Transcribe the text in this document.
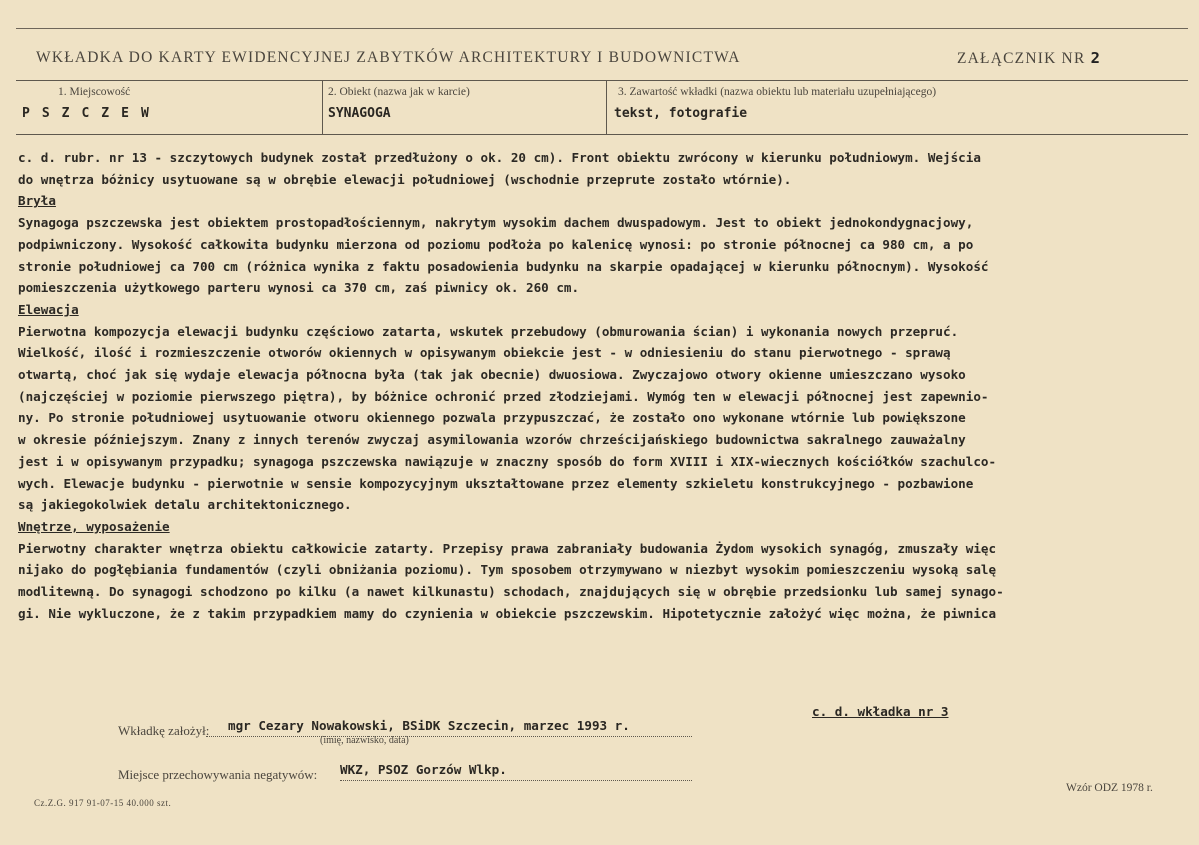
WKŁADKA DO KARTY EWIDENCYJNEJ ZABYTKÓW ARCHITEKTURY I BUDOWNICTWA	ZAŁĄCZNIK NR 2
1. Miejscowość
PSZCZEW
2. Obiekt (nazwa jak w karcie)
SYNAGOGA
3. Zawartość wkładki (nazwa obiektu lub materiału uzupełniającego)
tekst, fotografie
c. d. rubr. nr 13 - szczytowych budynek został przedłużony o ok. 20 cm). Front obiektu zwrócony w kierunku południowym. Wejścia
do wnętrza bóżnicy usytuowane są w obrębie elewacji południowej (wschodnie przeprute zostało wtórnie).
Bryła
Synagoga pszczewska jest obiektem prostopadłościennym, nakrytym wysokim dachem dwuspadowym. Jest to obiekt jednokondygnacjowy,
podpiwniczony. Wysokość całkowita budynku mierzona od poziomu podłoża po kalenicę wynosi: po stronie północnej ca 980 cm, a po
stronie południowej ca 700 cm (różnica wynika z faktu posadowienia budynku na skarpie opadającej w kierunku północnym). Wysokość
pomieszczenia użytkowego parteru wynosi ca 370 cm, zaś piwnicy ok. 260 cm.
Elewacja
Pierwotna kompozycja elewacji budynku częściowo zatarta, wskutek przebudowy (obmurowania ścian) i wykonania nowych przepruć.
Wielkość, ilość i rozmieszczenie otworów okiennych w opisywanym obiekcie jest - w odniesieniu do stanu pierwotnego - sprawą
otwartą, choć jak się wydaje elewacja północna była (tak jak obecnie) dwuosiowa. Zwyczajowo otwory okienne umieszczano wysoko
(najczęściej w poziomie pierwszego piętra), by bóżnice ochronić przed złodziejami. Wymóg ten w elewacji północnej jest zapewnio-
ny. Po stronie południowej usytuowanie otworu okiennego pozwala przypuszczać, że zostało ono wykonane wtórnie lub powiększone
w okresie późniejszym. Znany z innych terenów zwyczaj asymilowania wzorów chrześcijańskiego budownictwa sakralnego zauważalny
jest i w opisywanym przypadku; synagoga pszczewska nawiązuje w znaczny sposób do form XVIII i XIX-wiecznych kościółków szachulco-
wych. Elewacje budynku - pierwotnie w sensie kompozycyjnym ukształtowane przez elementy szkieletu konstrukcyjnego - pozbawione
są jakiegokolwiek detalu architektonicznego.
Wnętrze, wyposażenie
Pierwotny charakter wnętrza obiektu całkowicie zatarty. Przepisy prawa zabraniały budowania Żydom wysokich synagóg, zmuszały więc
nijako do pogłębiania fundamentów (czyli obniżania poziomu). Tym sposobem otrzymywano w niezbyt wysokim pomieszczeniu wysoką salę
modlitewną. Do synagogi schodzono po kilku (a nawet kilkunastu) schodach, znajdujących się w obrębie przedsionku lub samej synago-
gi. Nie wykluczone, że z takim przypadkiem mamy do czynienia w obiekcie pszczewskim. Hipotetycznie założyć więc można, że piwnica
c. d. wkładka nr 3
Wkładkę założył: mgr Cezary Nowakowski, BSiDK Szczecin, marzec 1993 r.
(imię, nazwisko, data)
Miejsce przechowywania negatywów: WKZ, PSOZ Gorzów Wlkp.
Cz.Z.G. 917 91-07-15 40.000 szt.
Wzór ODZ 1978 r.
